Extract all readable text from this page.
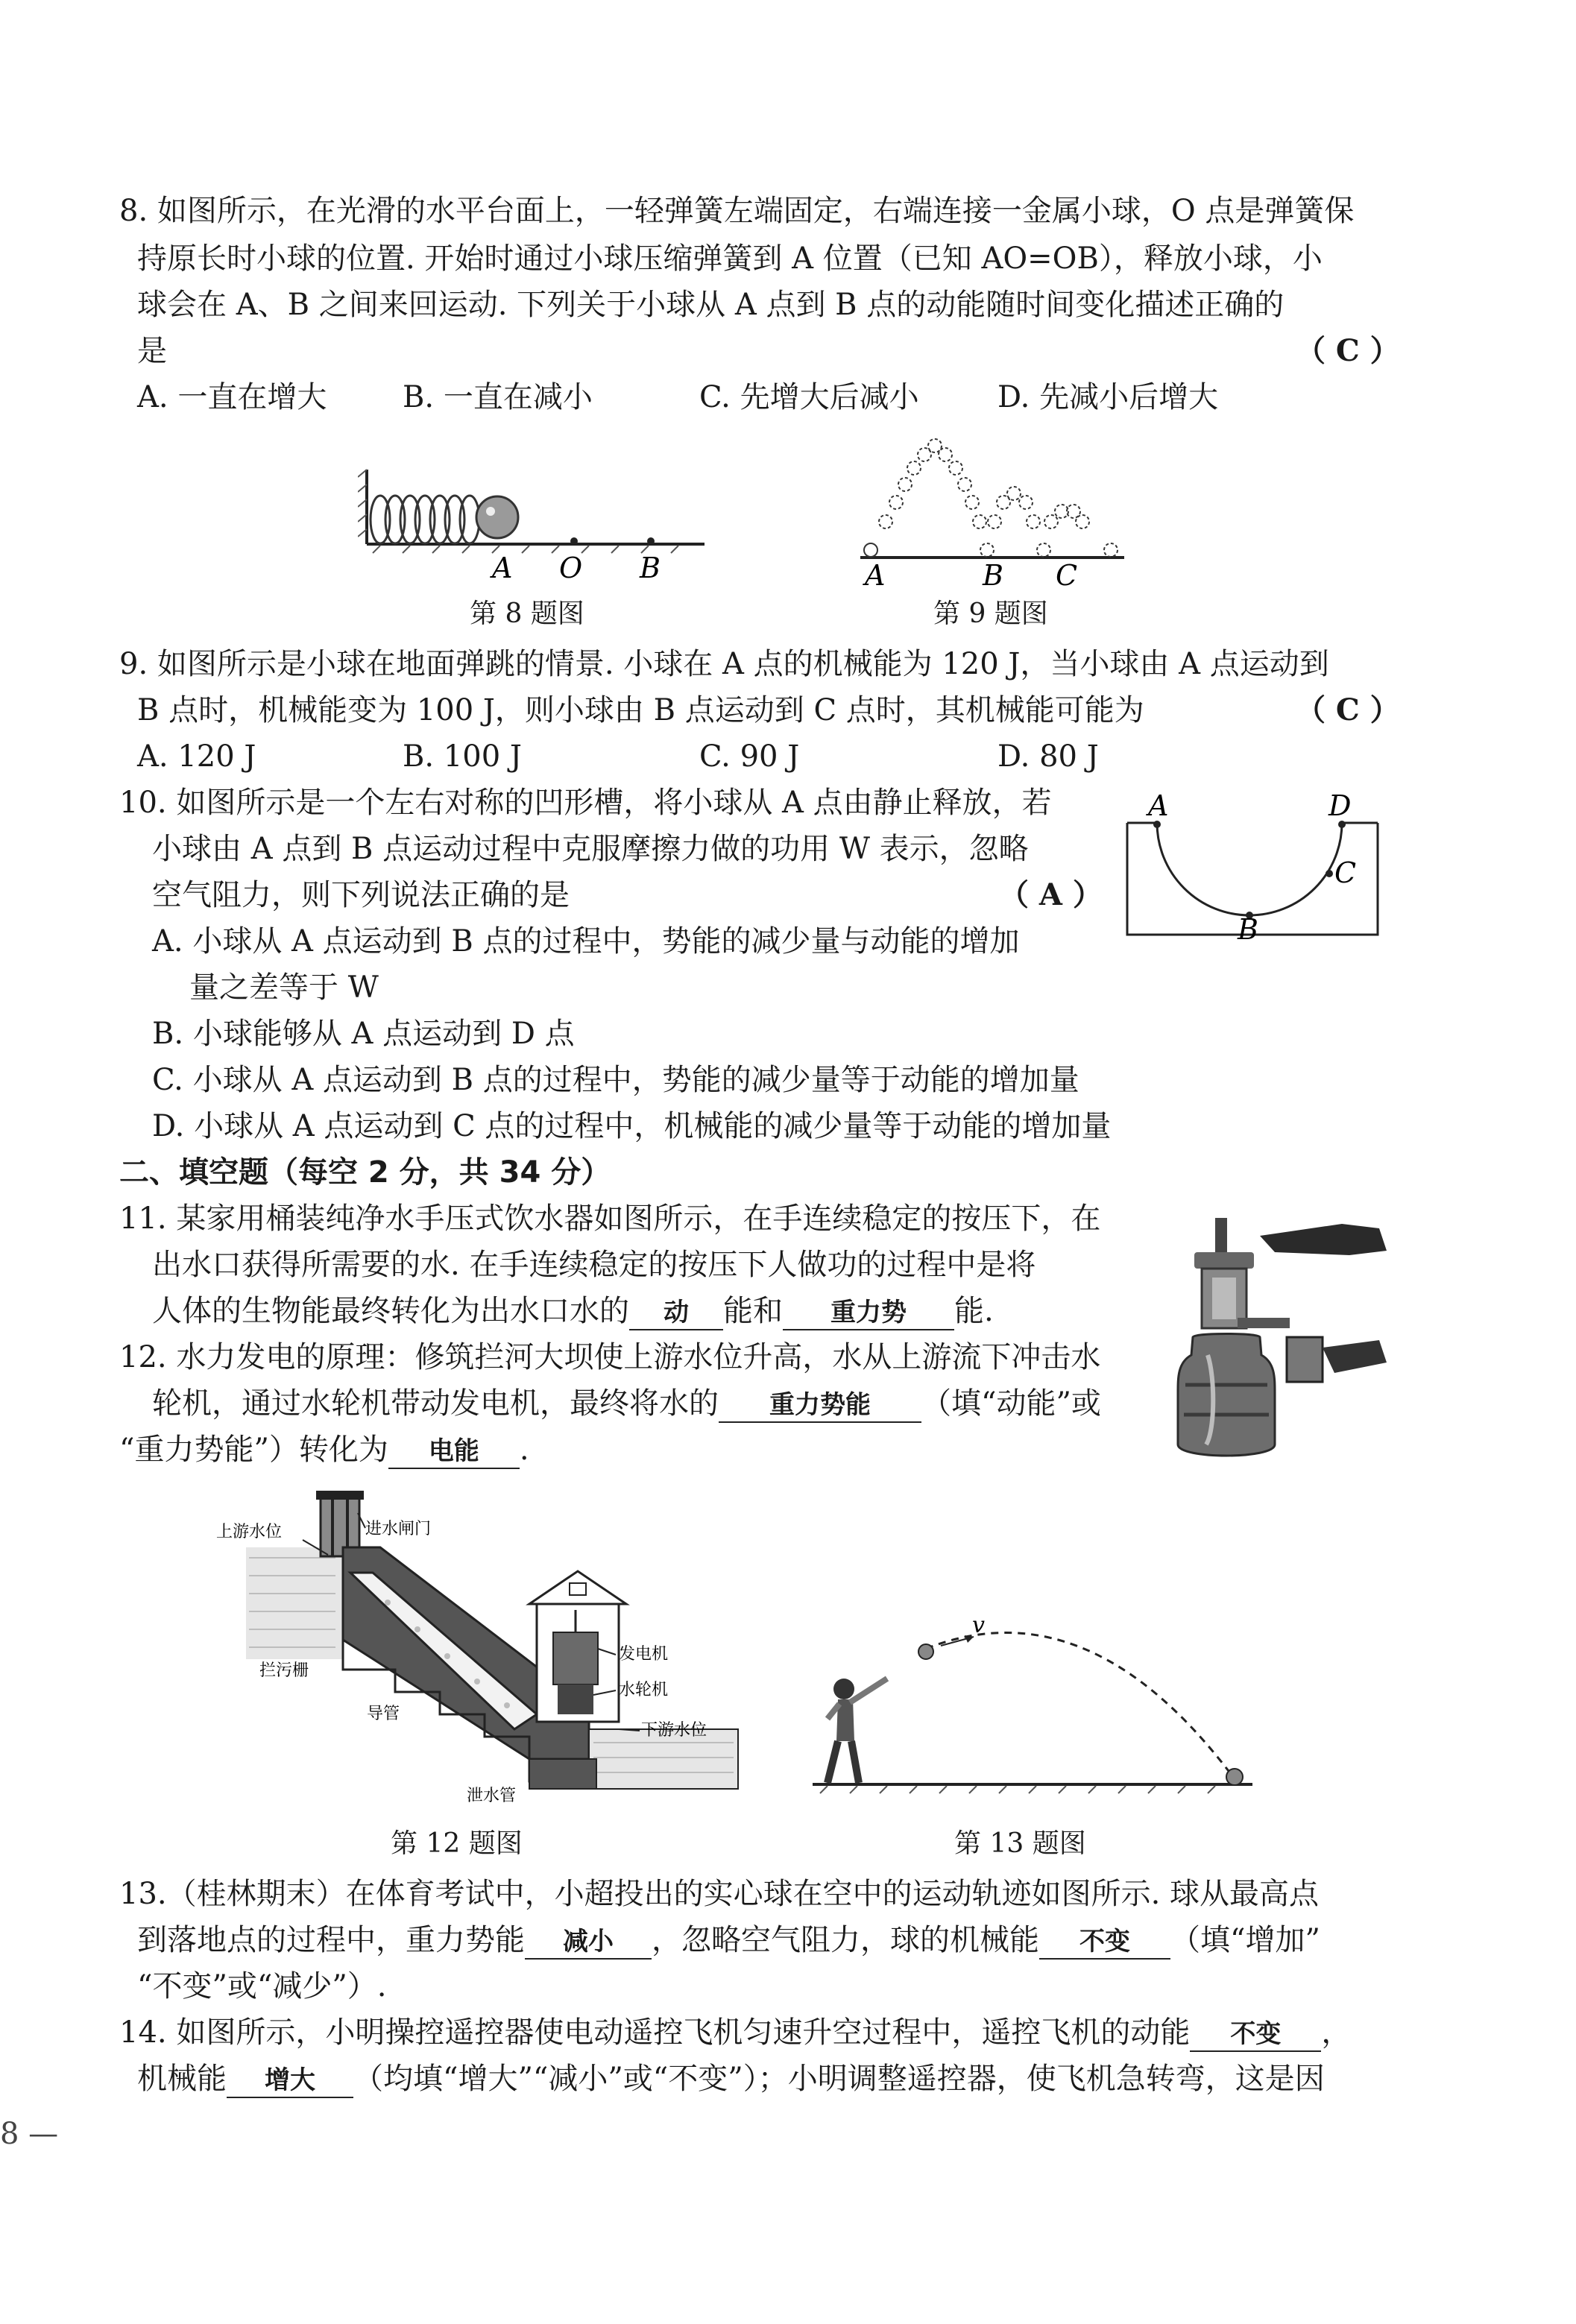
8. 如图所示，在光滑的水平台面上，一轻弹簧左端固定，右端连接一金属小球，O 点是弹簧保
持原长时小球的位置. 开始时通过小球压缩弹簧到 A 位置（已知 AO=OB），释放小球，小
球会在 A、B 之间来回运动. 下列关于小球从 A 点到 B 点的动能随时间变化描述正确的
是	（ C ）
A. 一直在增大	B. 一直在减小	C. 先增大后减小	D. 先减小后增大
A O B
第 8 题图
A	B C
第 9 题图
9. 如图所示是小球在地面弹跳的情景. 小球在 A 点的机械能为 120 J，当小球由 A 点运动到
B 点时，机械能变为 100 J，则小球由 B 点运动到 C 点时，其机械能可能为	（ C ）
A. 120 J	B. 100 J	C. 90 J	D. 80 J
10. 如图所示是一个左右对称的凹形槽，将小球从 A 点由静止释放，若
小球由 A 点到 B 点运动过程中克服摩擦力做的功用 W 表示，忽略
空气阻力，则下列说法正确的是	（ A ）
A. 小球从 A 点运动到 B 点的过程中，势能的减少量与动能的增加
量之差等于 W
B. 小球能够从 A 点运动到 D 点
C. 小球从 A 点运动到 B 点的过程中，势能的减少量等于动能的增加量
D. 小球从 A 点运动到 C 点的过程中，机械能的减少量等于动能的增加量
A	D
C
B
二、填空题（每空 2 分，共 34 分）
11. 某家用桶装纯净水手压式饮水器如图所示，在手连续稳定的按压下，在
出水口获得所需要的水. 在手连续稳定的按压下人做功的过程中是将
人体的生物能最终转化为出水口水的 动 能和 重力势 能.
12. 水力发电的原理：修筑拦河大坝使上游水位升高，水从上游流下冲击水
轮机，通过水轮机带动发电机，最终将水的 重力势能 （填“动能”或
“重力势能”）转化为 电能 .
上游水位	进水闸门
拦污栅
导管
发电机
水轮机
下游水位
泄水管
第 12 题图
v
第 13 题图
13.（桂林期末）在体育考试中，小超投出的实心球在空中的运动轨迹如图所示. 球从最高点
到落地点的过程中，重力势能 减小 ，忽略空气阻力，球的机械能 不变 （填“增加”
“不变”或“减少”）.
14. 如图所示，小明操控遥控器使电动遥控飞机匀速升空过程中，遥控飞机的动能 不变 ，
机械能 增大 （均填“增大”“减小”或“不变”）；小明调整遥控器，使飞机急转弯，这是因
8 —
